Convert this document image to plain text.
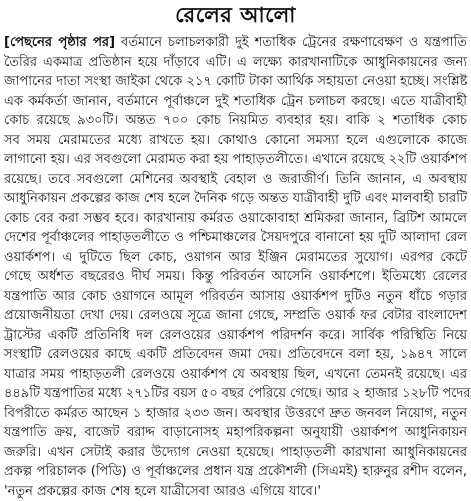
রেলের আলো
[পেছনের পৃষ্ঠার পর] বর্তমানে চলাচলকারী দুই শতাধিক ট্রেনের রক্ষণাবেক্ষণ ও যন্ত্রপাতি
তৈরির একমাত্র প্রতিষ্ঠান হয়ে দাঁড়াবে এটি। এ লক্ষ্যে কারখানাটিকে আধুনিকায়নের জন্য
জাপানের দাতা সংস্থা জাইকা থেকে ২১৭ কোটি টাকা আর্থিক সহায়তা নেওয়া হচ্ছে। সংশ্লিষ্ট
এক কর্মকর্তা জানান, বর্তমানে পূর্বাঞ্চলে দুই শতাধিক ট্রেন চলাচল করছে। এতে যাত্রীবাহী
কোচ রয়েছে ৯৩০টি। অন্তত ৭০০ কোচ নিয়মিত ব্যবহার হয়। বাকি ২ শতাধিক কোচ
সব সময় মেরামতের মধ্যে রাখতে হয়। কোথাও কোনো সমস্যা হলে এগুলোকে কাজে
লাগানো হয়। এর সবগুলো মেরামত করা হয় পাহাড়তলীতে। এখানে রয়েছে ২২টি ওয়ার্কশপ
রয়েছে। তবে সবগুলো মেশিনের অবস্থাই বেহাল ও জরাজীর্ণ। তিনি জানান, এ অবস্থায়
আধুনিকায়ন প্রকল্পের কাজ শেষ হলে দৈনিক গড়ে অন্তত যাত্রীবাহী দুটি এবং মালবাহী চারটি
কোচ বের করা সম্ভব হবে। কারখানায় কর্মরত ওয়াকোবাহা শ্রমিকরা জানান, ব্রিটিশ আমলে
দেশের পূর্বাঞ্চলের পাহাড়তলীতে ও পশ্চিমাঞ্চলের সৈয়দপুরে বানানো হয় দুটি আলাদা রেল
ওয়ার্কশপ। এ দুটিতে ছিল কোচ, ওয়াগন আর ইঞ্জিন মেরামতের সুযোগ। এরপর কেটে
গেছে অর্ধশত বছরেরও দীর্ঘ সময়। কিন্তু পরিবর্তন আসেনি ওয়ার্কশপে। ইতিমধ্যে রেলের
যন্ত্রপাতি আর কোচ ওয়াগনে আমূল পরিবর্তন আসায় ওয়ার্কশপ দুটিও নতুন ধাঁচে গড়ার
প্রয়োজনীয়তা দেখা দেয়। রেলওয়ে সূত্রে জানা গেছে, সম্প্রতি ওয়ার্ক ফর বেটার বাংলাদেশ
ট্রাস্টের একটি প্রতিনিধি দল রেলওয়ের ওয়ার্কশপ পরিদর্শন করে। সার্বিক পরিস্থিতি নিয়ে
সংস্থাটি রেলওয়ের কাছে একটি প্রতিবেদন জমা দেয়। প্রতিবেদনে বলা হয়, ১৯৪৭ সালে
যাত্রার সময় পাহাড়তলী রেলওয়ে ওয়ার্কশপ যে অবস্থায় ছিল, এখনো তেমনই রয়েছে। এর
৪৪৯টি যন্ত্রপাতির মধ্যে ২৭১টির বয়স ৫০ বছর পেরিয়ে গেছে। আর ২ হাজার ১২৮টি পদের
বিপরীতে কর্মরত আছেন ১ হাজার ২৩৩ জন। অবস্থার উত্তরণে দ্রুত জনবল নিয়োগ, নতুন
যন্ত্রপাতি ক্রয়, বাজেট বরাদ্দ বাড়ানোসহ মহাপরিকল্পনা অনুযায়ী ওয়ার্কশপ আধুনিকায়ন
জরুরি। এখন সেটাই করার উদ্যোগ নেওয়া হয়েছে। পাহাড়তলী কারখানা আধুনিকায়নের
প্রকল্প পরিচালক (পিডি) ও পূর্বাঞ্চলের প্রধান যন্ত্র প্রকৌশলী (সিএমই) হারুনুর রশীদ বলেন,
'নতুন প্রকল্পের কাজ শেষ হলে যাত্রীসেবা আরও এগিয়ে যাবে।'
